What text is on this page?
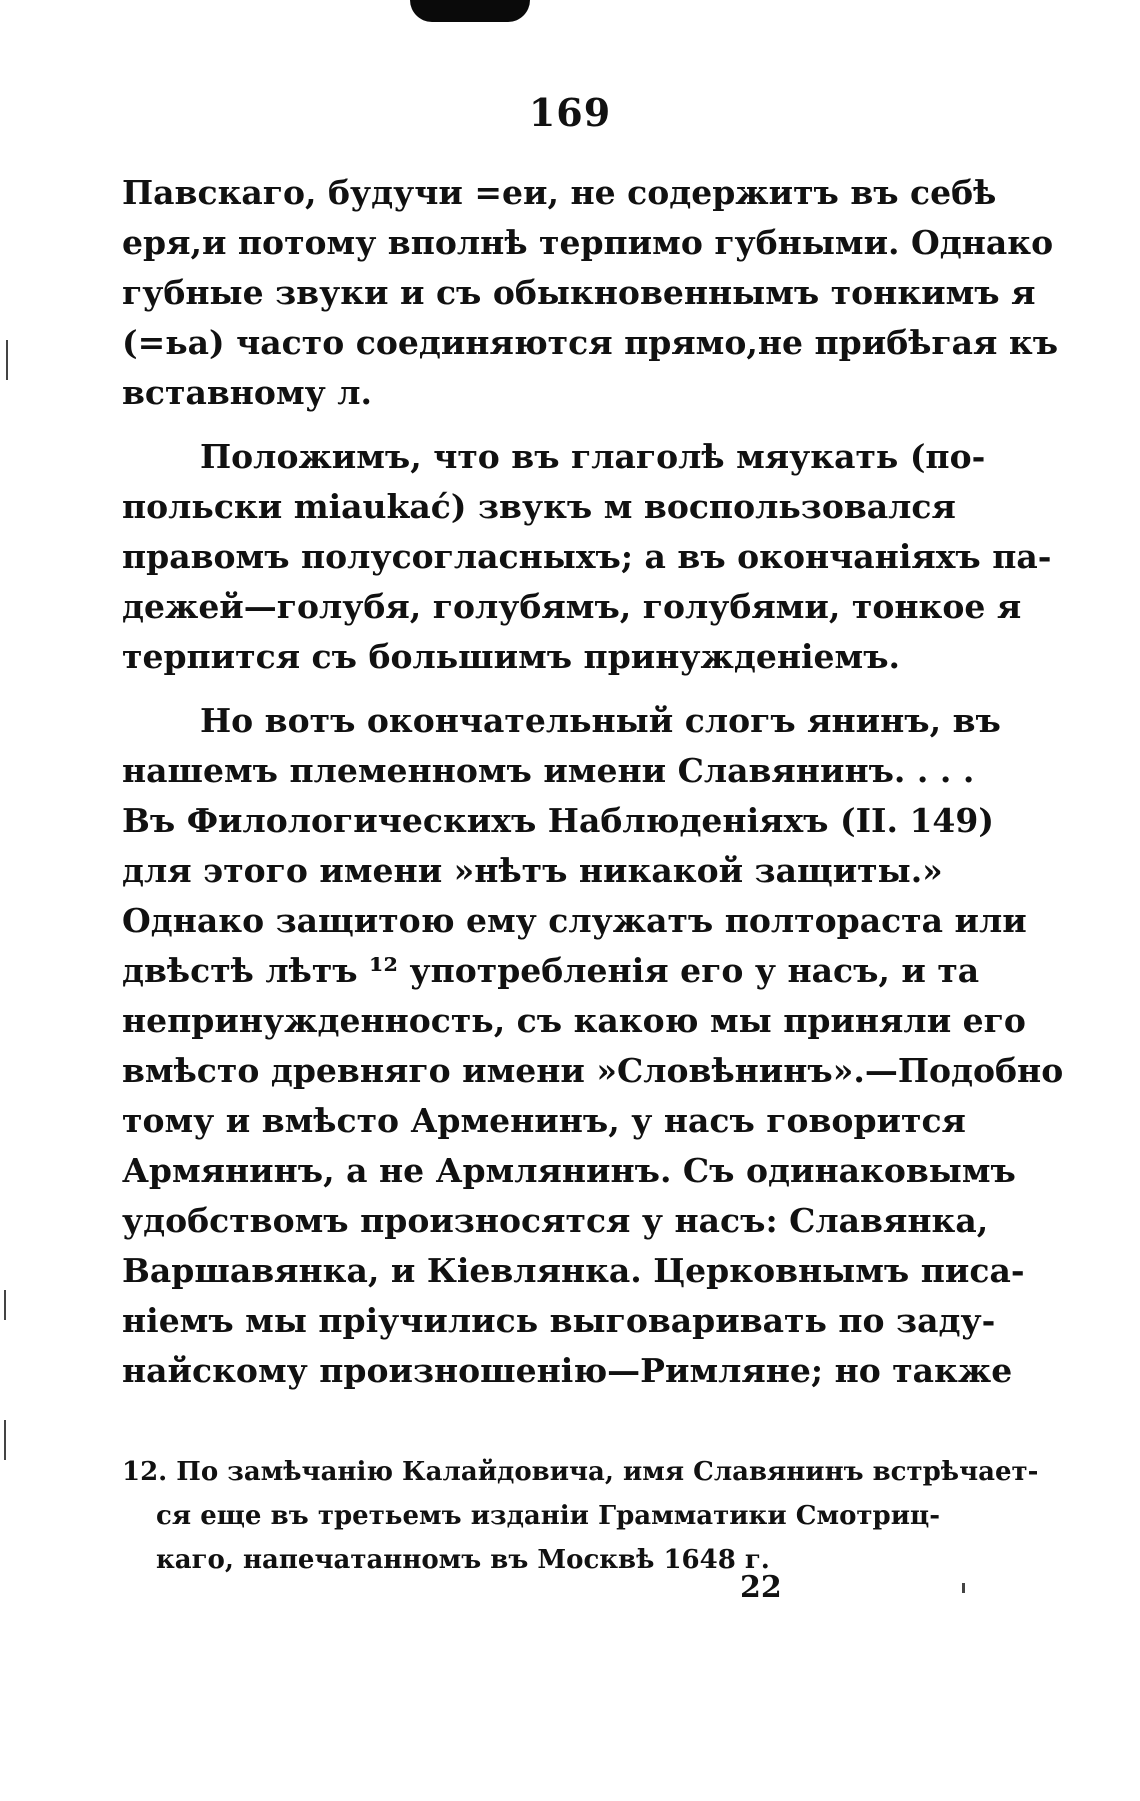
169
Павскаго, будучи =еи, не содержитъ въ себѣ
еря,и потому вполнѣ терпимо губными. Однако
губные звуки и съ обыкновеннымъ тонкимъ я
(=ьа) часто соединяются прямо,не прибѣгая къ
вставному л.
Положимъ, что въ глаголѣ мяукать (по-
польски miaukać) звукъ м воспользовался
правомъ полусогласныхъ; а въ окончаніяхъ па-
дежей—голубя, голубямъ, голубями, тонкое я
терпится съ большимъ принужденіемъ.
Но вотъ окончательный слогъ янинъ, въ
нашемъ племенномъ имени Славянинъ. . . .
Въ Филологическихъ Наблюденіяхъ (II. 149)
для этого имени »нѣтъ никакой защиты.»
Однако защитою ему служатъ полтораста или
двѣстѣ лѣтъ ¹² употребленія его у насъ, и та
непринужденность, съ какою мы приняли его
вмѣсто древняго имени »Словѣнинъ».—Подобно
тому и вмѣсто Арменинъ, у насъ говорится
Армянинъ, а не Армлянинъ. Съ одинаковымъ
удобствомъ произносятся у насъ: Славянка,
Варшавянка, и Кіевлянка. Церковнымъ писа-
ніемъ мы пріучились выговаривать по заду-
найскому произношенію—Римляне; но также
12. По замѣчанію Калайдовича, имя Славянинъ встрѣчает-
ся еще въ третьемъ изданіи Грамматики Смотриц-
каго, напечатанномъ въ Москвѣ 1648 г.
22
